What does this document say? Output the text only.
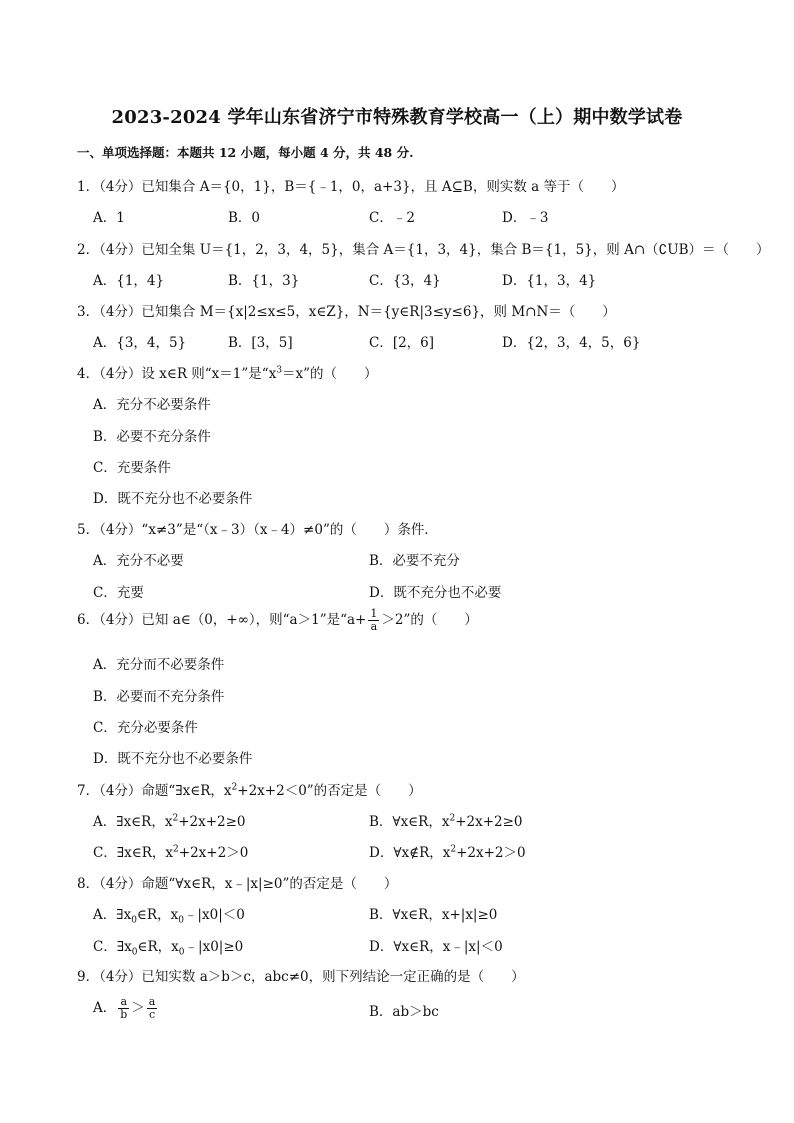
2023-2024 学年山东省济宁市特殊教育学校高一（上）期中数学试卷
一、单项选择题：本题共 12 小题，每小题 4 分，共 48 分.
1．（4分）已知集合 A＝{0，1}，B＝{﹣1，0，a+3}，且 A⊆B，则实数 a 等于（　　）
A．1	B．0	C．﹣2	D．﹣3
2．（4分）已知全集 U＝{1，2，3，4，5}，集合 A＝{1，3，4}，集合 B＝{1，5}，则 A∩（∁UB）＝（　　）
A．{1，4}	B．{1，3}	C．{3，4}	D．{1，3，4}
3．（4分）已知集合 M＝{x|2≤x≤5，x∈Z}，N＝{y∈R|3≤y≤6}，则 M∩N＝（　　）
A．{3，4，5}	B．[3，5]	C．[2，6]	D．{2，3，4，5，6}
4．（4分）设 x∈R 则“x＝1”是“$x^3=x$”的（　　）
A．充分不必要条件
B．必要不充分条件
C．充要条件
D．既不充分也不必要条件
5．（4分）“x≠3”是“（x﹣3）（x﹣4）≠0”的（　　）条件．
A．充分不必要	B．必要不充分
C．充要	D．既不充分也不必要
6．（4分）已知 a∈（0，+∞），则“a＞1”是“$a+ \frac{1}{a} >2$”的（　　）
A．充分而不必要条件
B．必要而不充分条件
C．充分必要条件
D．既不充分也不必要条件
7．（4分）命题“∃x∈R，$x^2+2x+2<0$”的否定是（　　）
A．∃x∈R，$x^2+2x+2\ge 0$	B．∀x∈R，$x^2+2x+2\ge 0$
C．∃x∈R，$x^2+2x+2>0$	D．∀x∉R，$x^2+2x+2>0$
8．（4分）命题“∀x∈R，x﹣|x|≥0”的否定是（　　）
A．$\exists x_0\in R$，$x_0﹣|x0|<0$	B．∀x∈R，x+|x|≥0
C．$\exists x_0\in R$，$x_0﹣|x0|\ge 0$	D．∀x∈R，x﹣|x|＜0
9．（4分）已知实数 a＞b＞c，abc≠0，则下列结论一定正确的是（　　）
A． $\frac{a}{b} > \frac{a}{c}$	B．ab＞bc
